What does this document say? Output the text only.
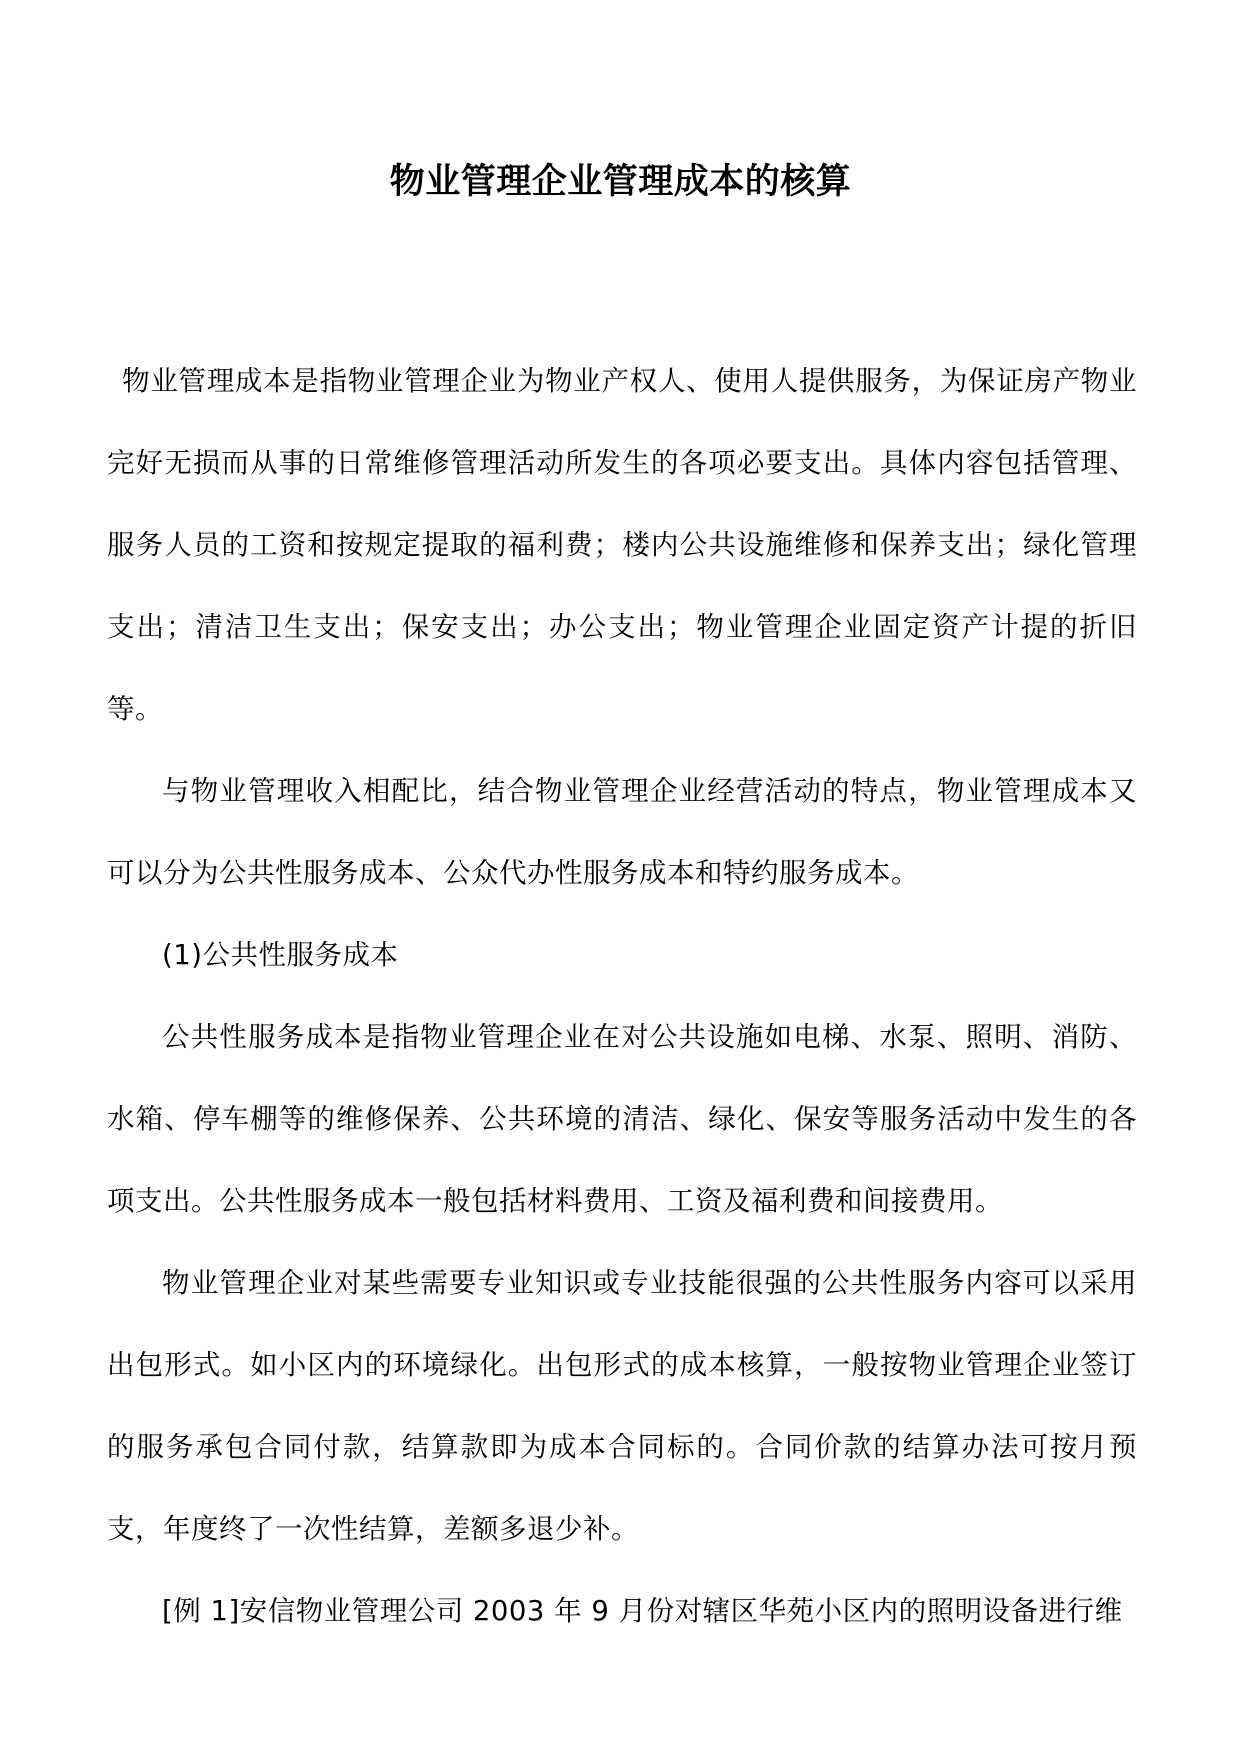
物业管理企业管理成本的核算

物业管理成本是指物业管理企业为物业产权人、使用人提供服务，为保证房产物业完好无损而从事的日常维修管理活动所发生的各项必要支出。具体内容包括管理、服务人员的工资和按规定提取的福利费；楼内公共设施维修和保养支出；绿化管理支出；清洁卫生支出；保安支出；办公支出；物业管理企业固定资产计提的折旧等。

与物业管理收入相配比，结合物业管理企业经营活动的特点，物业管理成本又可以分为公共性服务成本、公众代办性服务成本和特约服务成本。

(1)公共性服务成本

公共性服务成本是指物业管理企业在对公共设施如电梯、水泵、照明、消防、水箱、停车棚等的维修保养、公共环境的清洁、绿化、保安等服务活动中发生的各项支出。公共性服务成本一般包括材料费用、工资及福利费和间接费用。

物业管理企业对某些需要专业知识或专业技能很强的公共性服务内容可以采用出包形式。如小区内的环境绿化。出包形式的成本核算，一般按物业管理企业签订的服务承包合同付款，结算款即为成本合同标的。合同价款的结算办法可按月预支，年度终了一次性结算，差额多退少补。

[例 1]安信物业管理公司 2003 年 9 月份对辖区华苑小区内的照明设备进行维
